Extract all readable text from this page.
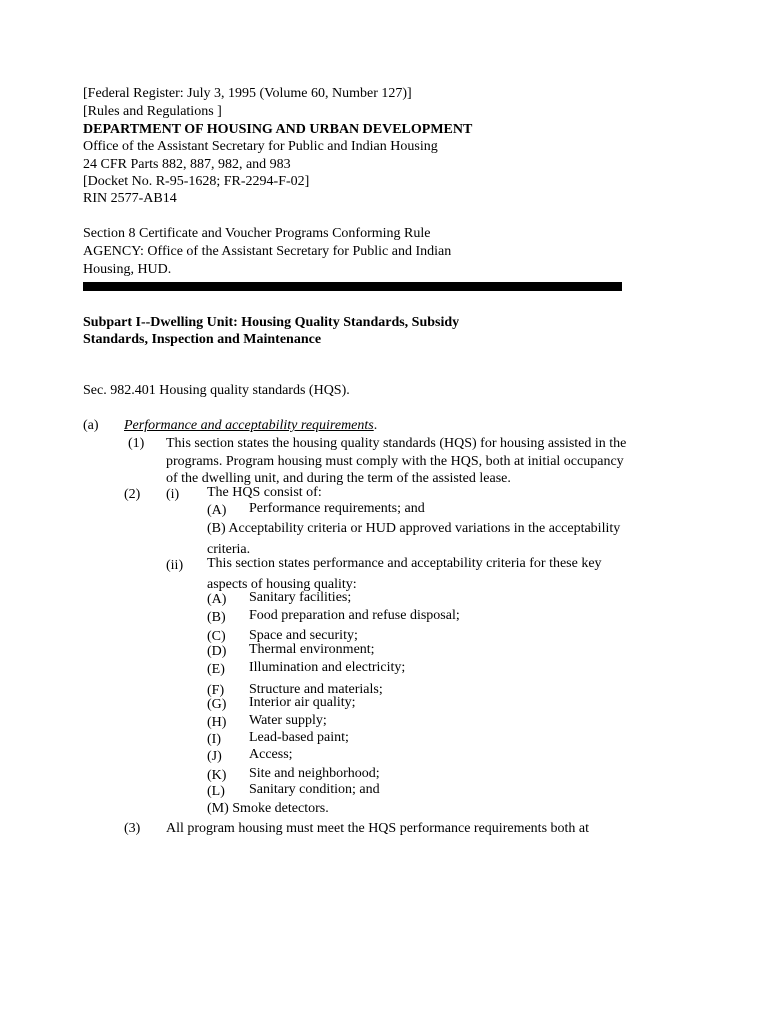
[Federal Register: July 3, 1995 (Volume 60, Number 127)]
[Rules and Regulations ]
DEPARTMENT OF HOUSING AND URBAN DEVELOPMENT
Office of the Assistant Secretary for Public and Indian Housing
24 CFR Parts 882, 887, 982, and 983
[Docket No. R-95-1628; FR-2294-F-02]
RIN 2577-AB14
Section 8 Certificate and Voucher Programs Conforming Rule
AGENCY: Office of the Assistant Secretary for Public and Indian
Housing, HUD.
Subpart I--Dwelling Unit: Housing Quality Standards, Subsidy
Standards, Inspection and Maintenance
Sec. 982.401 Housing quality standards (HQS).
(a) Performance and acceptability requirements.
(1) This section states the housing quality standards (HQS) for housing assisted in the
programs. Program housing must comply with the HQS, both at initial occupancy
of the dwelling unit, and during the term of the assisted lease.
(2) (i) The HQS consist of:
(A) Performance requirements; and
(B) Acceptability criteria or HUD approved variations in the acceptability
criteria.
(ii) This section states performance and acceptability criteria for these key
aspects of housing quality:
(A) Sanitary facilities;
(B) Food preparation and refuse disposal;
(C) Space and security;
(D) Thermal environment;
(E) Illumination and electricity;
(F) Structure and materials;
(G) Interior air quality;
(H) Water supply;
(I) Lead-based paint;
(J) Access;
(K) Site and neighborhood;
(L) Sanitary condition; and
(M) Smoke detectors.
(3) All program housing must meet the HQS performance requirements both at
